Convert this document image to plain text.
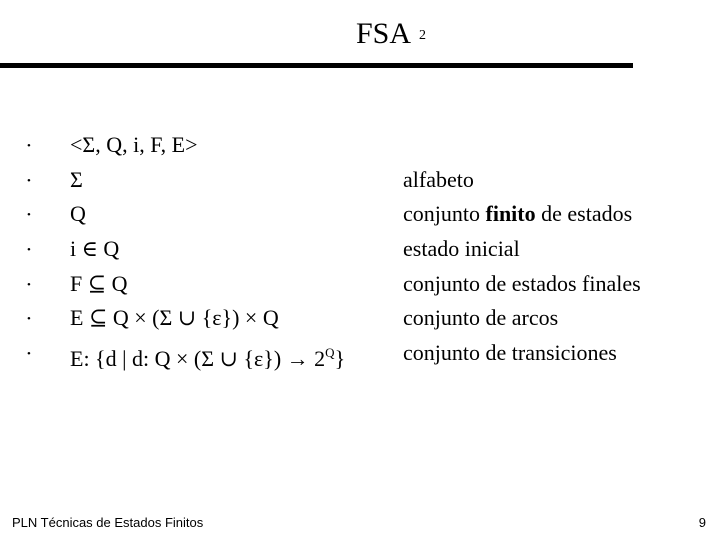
FSA 2
• <Σ, Q, i, F, E>
• Σ	alfabeto
• Q	conjunto finito de estados
• i ∈ Q	estado inicial
• F ⊆ Q	conjunto de estados finales
• E ⊆ Q × (Σ ∪ {ε}) × Q	conjunto de arcos
• E: {d | d: Q × (Σ ∪ $\{\varepsilon\}) \to 2^Q$}	conjunto de transiciones
PLN Técnicas de Estados Finitos	9
